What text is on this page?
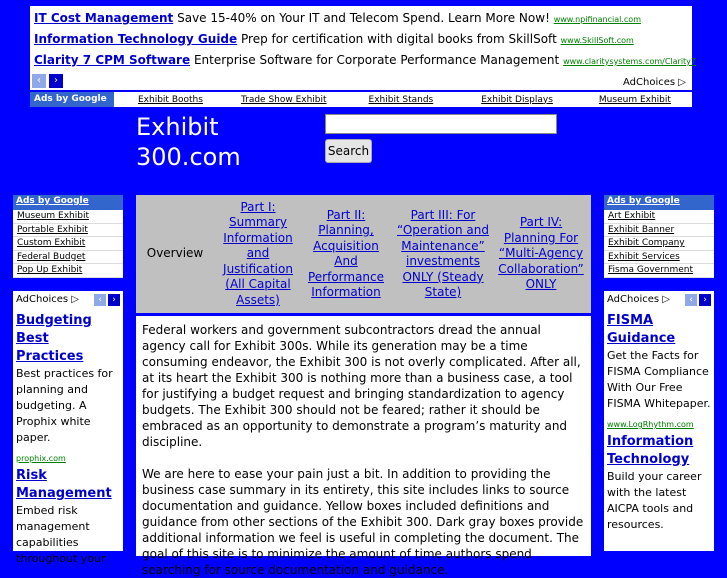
IT Cost Management Save 15-40% on Your IT and Telecom Spend. Learn More Now! www.npifinancial.com
Information Technology Guide Prep for certification with digital books from SkillSoft www.SkillSoft.com
Clarity 7 CPM Software Enterprise Software for Corporate Performance Management www.claritysystems.com/Clarity7
‹	›	AdChoices ▷
Ads by Google	Exhibit Booths	Trade Show Exhibit	Exhibit Stands	Exhibit Displays	Museum Exhibit
Exhibit
300.com	Search
Ads by Google
Museum Exhibit
Portable Exhibit
Custom Exhibit
Federal Budget
Pop Up Exhibit
Ads by Google
Art Exhibit
Exhibit Banner
Exhibit Company
Exhibit Services
Fisma Government
AdChoices ▷	‹	›
Budgeting Best Practices
Best practices for planning and budgeting. A Prophix white paper.
prophix.com
Risk Management
Embed risk management capabilities throughout your
AdChoices ▷	‹	›
FISMA Guidance
Get the Facts for FISMA Compliance With Our Free FISMA Whitepaper.
www.LogRhythm.com
Information Technology
Build your career with the latest AICPA tools and resources.
Overview
Part I: Summary Information and Justification (All Capital Assets)
Part II: Planning, Acquisition And Performance Information
Part III: For “Operation and Maintenance” investments ONLY (Steady State)
Part IV: Planning For “Multi-Agency Collaboration” ONLY

Federal workers and government subcontractors dread the annual agency call for Exhibit 300s. While its generation may be a time consuming endeavor, the Exhibit 300 is not overly complicated. After all, at its heart the Exhibit 300 is nothing more than a business case, a tool for justifying a budget request and bringing standardization to agency budgets. The Exhibit 300 should not be feared; rather it should be embraced as an opportunity to demonstrate a program’s maturity and discipline.

We are here to ease your pain just a bit. In addition to providing the business case summary in its entirety, this site includes links to source documentation and guidance. Yellow boxes included definitions and guidance from other sections of the Exhibit 300. Dark gray boxes provide additional information we feel is useful in completing the document. The goal of this site is to minimize the amount of time authors spend searching for source documentation and guidance.
